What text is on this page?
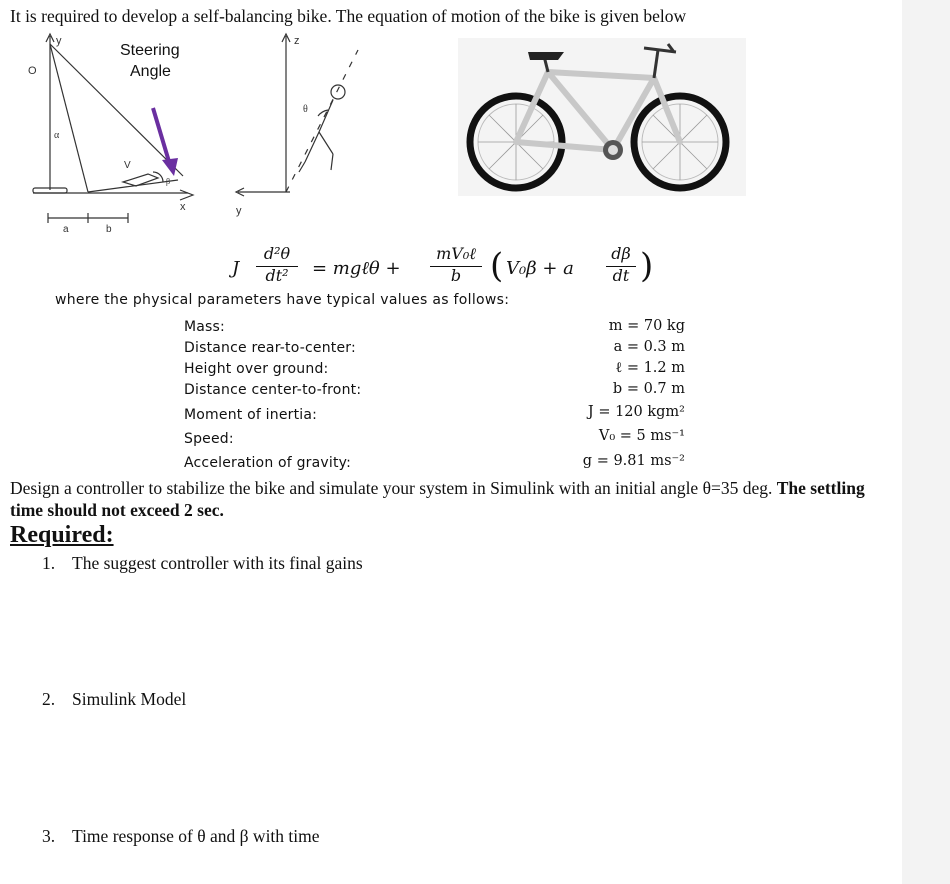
It is required to develop a self-balancing bike. The equation of motion of the bike is given below
y
O
α
Steering
Angle
V
β
x
a	b
z
θ
y
J
d²θ
dt²	= mgℓθ +
mV₀ℓ
b ( V₀β + a
dβ
dt )
where the physical parameters have typical values as follows:
Mass:	m = 70 kg
Distance rear-to-center:	a = 0.3 m
Height over ground:	ℓ = 1.2 m
Distance center-to-front:	b = 0.7 m
Moment of inertia:	J = 120 kgm²
Speed:	V₀ = 5 ms⁻¹
Acceleration of gravity:	g = 9.81 ms⁻²
Design a controller to stabilize the bike and simulate your system in Simulink with an initial angle θ=35 deg. The settling time should not exceed 2 sec.
Required:
1. The suggest controller with its final gains
2. Simulink Model
3. Time response of θ and β with time
